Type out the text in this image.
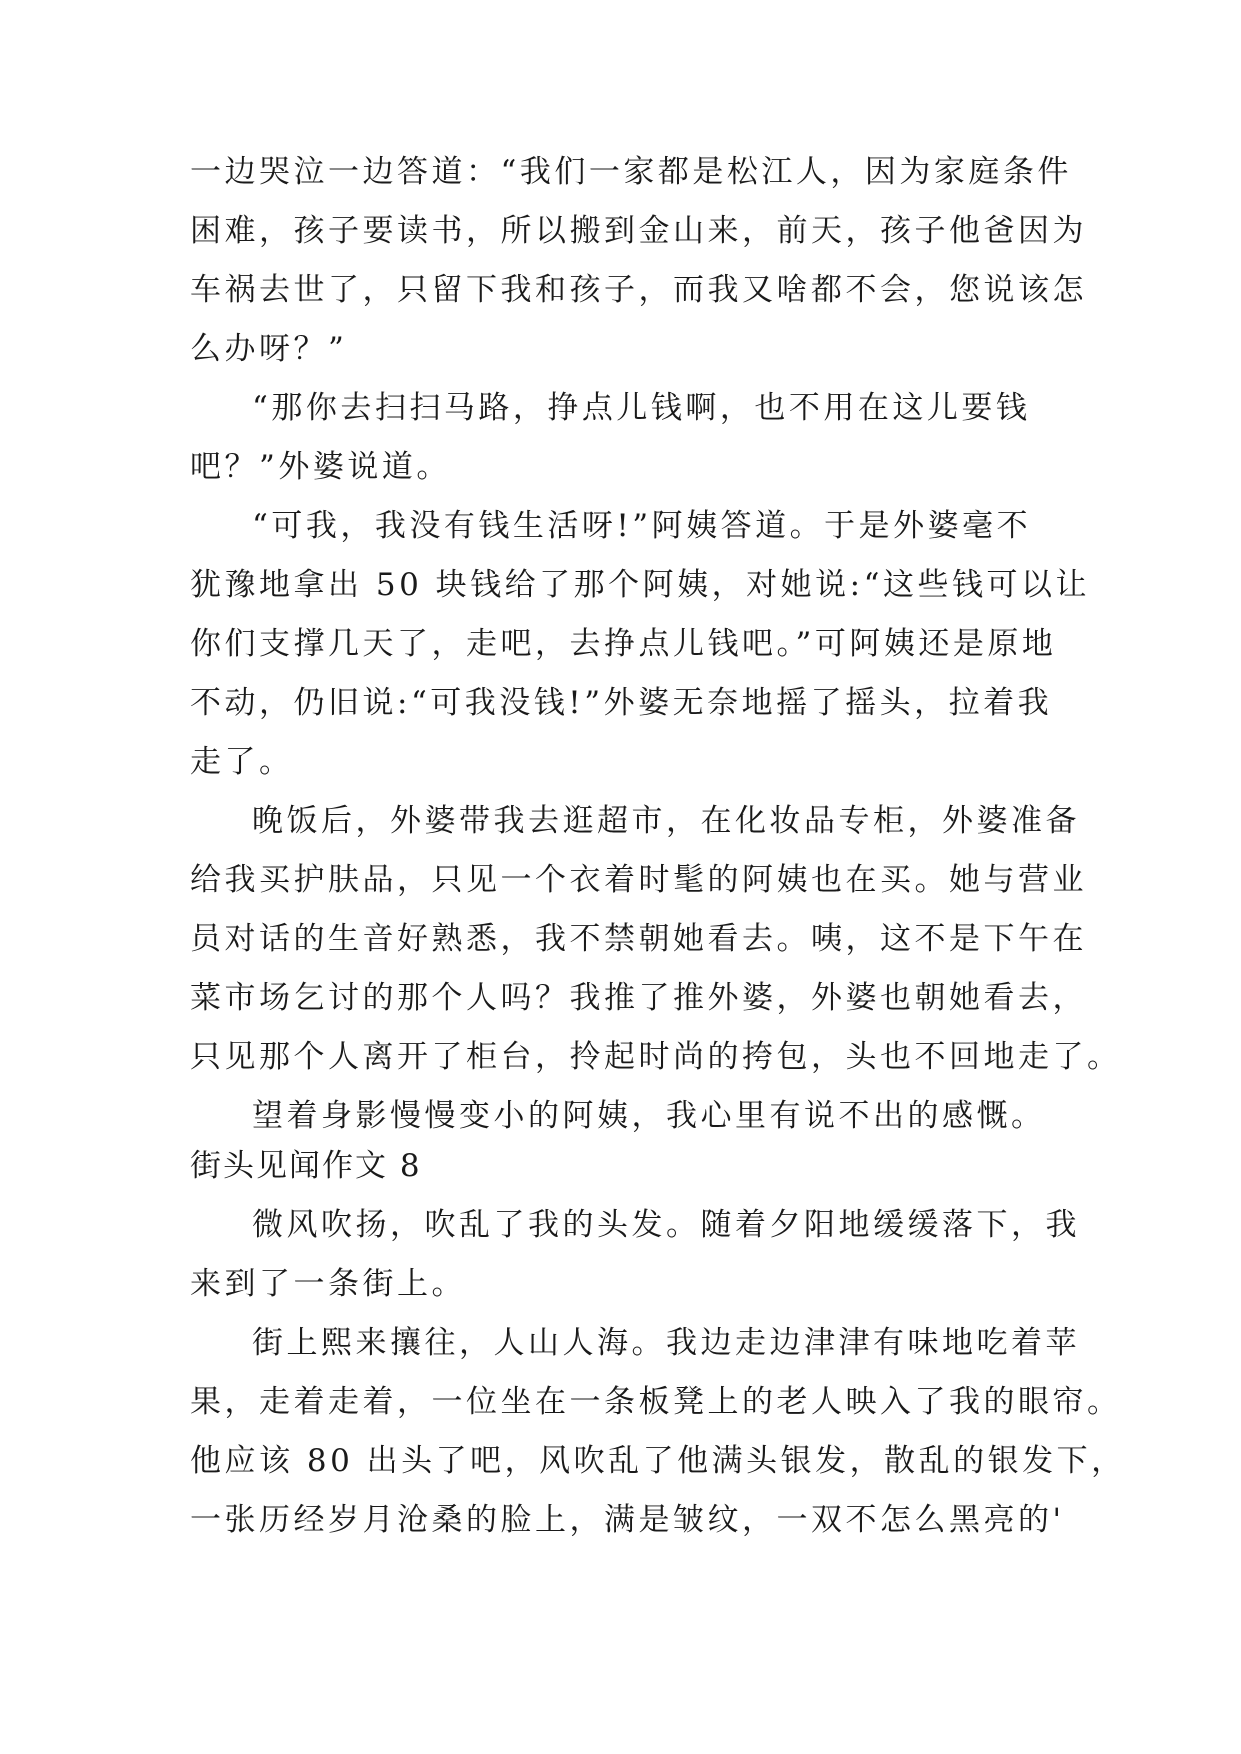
一边哭泣一边答道：“我们一家都是松江人，因为家庭条件
困难，孩子要读书，所以搬到金山来，前天，孩子他爸因为
车祸去世了，只留下我和孩子，而我又啥都不会，您说该怎
么办呀？”
“那你去扫扫马路，挣点儿钱啊，也不用在这儿要钱
吧？”外婆说道。
“可我，我没有钱生活呀!”阿姨答道。于是外婆毫不
犹豫地拿出 50 块钱给了那个阿姨，对她说:“这些钱可以让
你们支撑几天了，走吧，去挣点儿钱吧。”可阿姨还是原地
不动，仍旧说:“可我没钱!”外婆无奈地摇了摇头，拉着我
走了。
晚饭后，外婆带我去逛超市，在化妆品专柜，外婆准备
给我买护肤品，只见一个衣着时髦的阿姨也在买。她与营业
员对话的生音好熟悉，我不禁朝她看去。咦，这不是下午在
菜市场乞讨的那个人吗？我推了推外婆，外婆也朝她看去，
只见那个人离开了柜台，拎起时尚的挎包，头也不回地走了。
望着身影慢慢变小的阿姨，我心里有说不出的感慨。
街头见闻作文 8
微风吹扬，吹乱了我的头发。随着夕阳地缓缓落下，我
来到了一条街上。
街上熙来攘往，人山人海。我边走边津津有味地吃着苹
果，走着走着，一位坐在一条板凳上的老人映入了我的眼帘。
他应该 80 出头了吧，风吹乱了他满头银发，散乱的银发下，
一张历经岁月沧桑的脸上，满是皱纹，一双不怎么黑亮的'
